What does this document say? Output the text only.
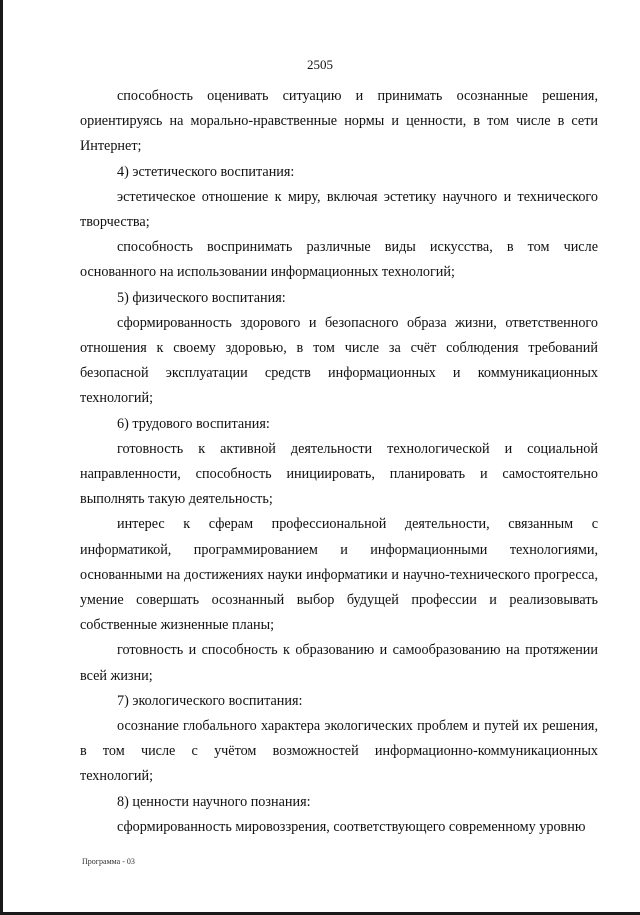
2505

способность оценивать ситуацию и принимать осознанные решения, ориентируясь на морально-нравственные нормы и ценности, в том числе в сети Интернет;

4) эстетического воспитания:

эстетическое отношение к миру, включая эстетику научного и технического творчества;

способность воспринимать различные виды искусства, в том числе основанного на использовании информационных технологий;

5) физического воспитания:

сформированность здорового и безопасного образа жизни, ответственного отношения к своему здоровью, в том числе за счёт соблюдения требований безопасной эксплуатации средств информационных и коммуникационных технологий;

6) трудового воспитания:

готовность к активной деятельности технологической и социальной направленности, способность инициировать, планировать и самостоятельно выполнять такую деятельность;

интерес к сферам профессиональной деятельности, связанным с информатикой, программированием и информационными технологиями, основанными на достижениях науки информатики и научно-технического прогресса, умение совершать осознанный выбор будущей профессии и реализовывать собственные жизненные планы;

готовность и способность к образованию и самообразованию на протяжении всей жизни;

7) экологического воспитания:

осознание глобального характера экологических проблем и путей их решения, в том числе с учётом возможностей информационно-коммуникационных технологий;

8) ценности научного познания:

сформированность мировоззрения, соответствующего современному уровню

Программа - 03
